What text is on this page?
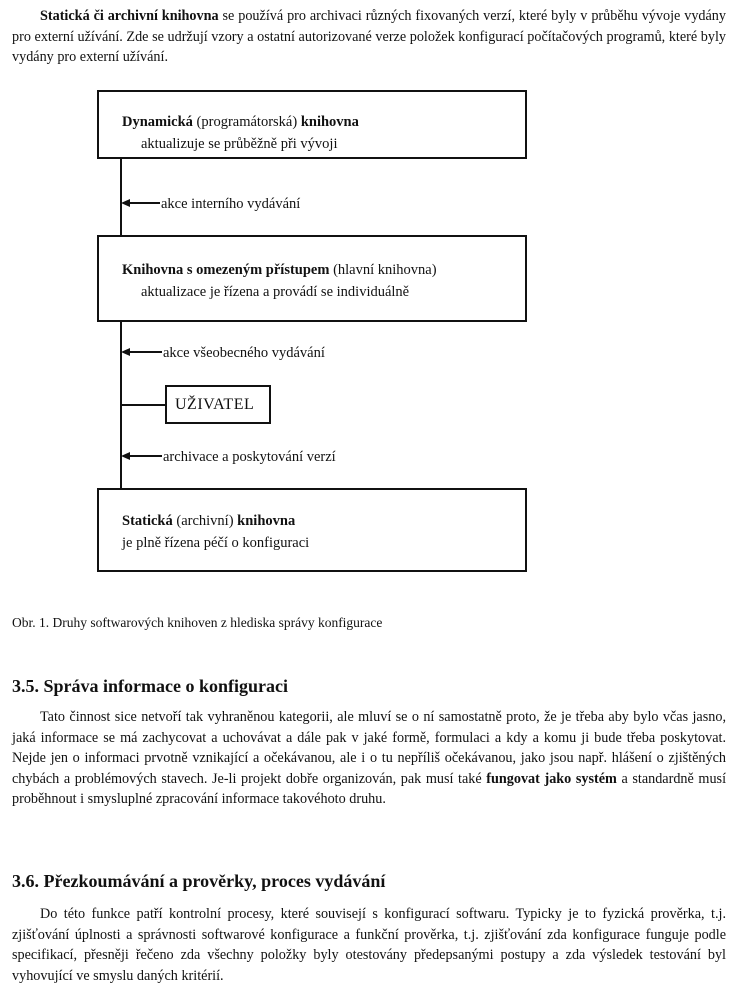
Statická či archivní knihovna se používá pro archivaci různých fixovaných verzí, které byly v průběhu vývoje vydány pro externí užívání. Zde se udržují vzory a ostatní autorizované verze položek konfigurací počítačových programů, které byly vydány pro externí užívání.

Dynamická (programátorská) knihovna
aktualizuje se průběžně při vývoji
akce interního vydávání
Knihovna s omezeným přístupem (hlavní knihovna)
aktualizace je řízena a provádí se individuálně
akce všeobecného vydávání
UŽIVATEL
archivace a poskytování verzí
Statická (archivní) knihovna
je plně řízena péčí o konfiguraci
Obr. 1. Druhy softwarových knihoven z hlediska správy konfigurace
3.5. Správa informace o konfiguraci

Tato činnost sice netvoří tak vyhraněnou kategorii, ale mluví se o ní samostatně proto, že je třeba aby bylo včas jasno, jaká informace se má zachycovat a uchovávat a dále pak v jaké formě, formulaci a kdy a komu ji bude třeba poskytovat. Nejde jen o informaci prvotně vznikající a očekávanou, ale i o tu nepříliš očekávanou, jako jsou např. hlášení o zjištěných chybách a problémových stavech. Je-li projekt dobře organizován, pak musí také fungovat jako systém a standardně musí proběhnout i smysluplné zpracování informace takovéhoto druhu.

3.6. Přezkoumávání a prověrky, proces vydávání

Do této funkce patří kontrolní procesy, které souvisejí s konfigurací softwaru. Typicky je to fyzická prověrka, t.j. zjišťování úplnosti a správnosti softwarové konfigurace a funkční prověrka, t.j. zjišťování zda konfigurace funguje podle specifikací, přesněji řečeno zda všechny položky byly otestovány předepsanými postupy a zda výsledek testování byl vyhovující ve smyslu daných kritérií.
